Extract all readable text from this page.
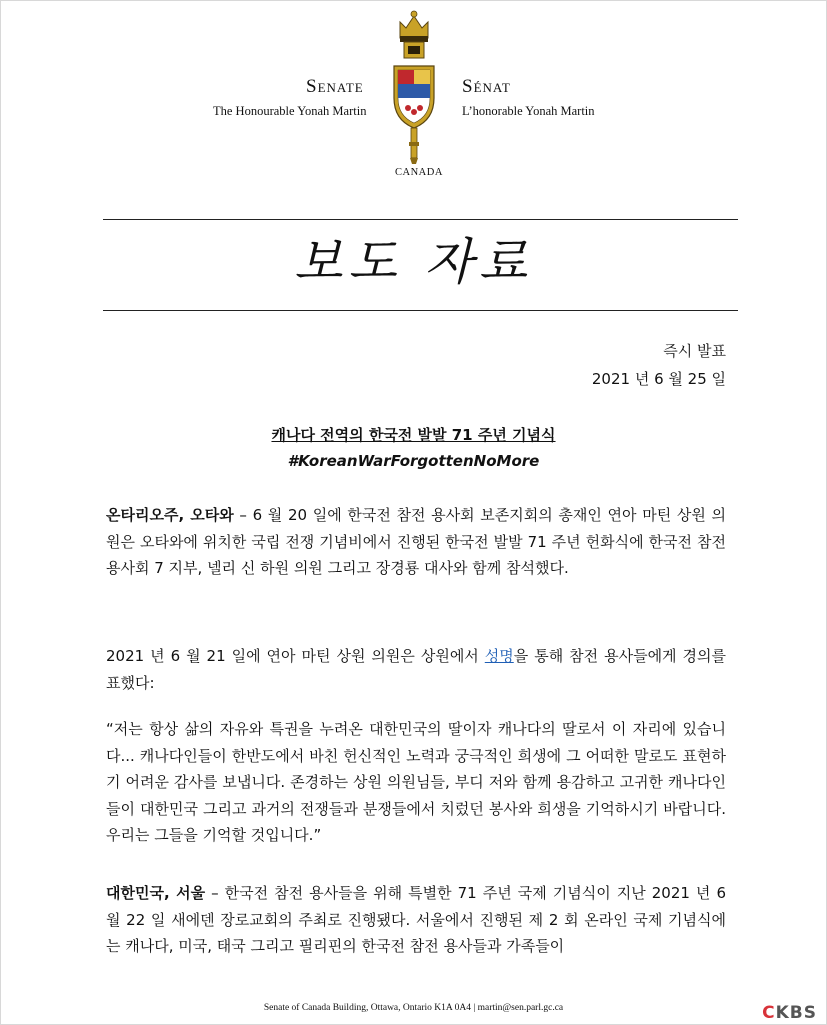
Senate	Sénat
The Honourable Yonah Martin	L’honorable Yonah Martin
CANADA
보도 자료
즉시 발표
2021 년 6 월 25 일
캐나다 전역의 한국전 발발 71 주년 기념식
#KoreanWarForgottenNoMore
온타리오주, 오타와 – 6 월 20 일에 한국전 참전 용사회 보존지회의 총재인 연아 마틴 상원 의원은 오타와에 위치한 국립 전쟁 기념비에서 진행된 한국전 발발 71 주년 헌화식에 한국전 참전 용사회 7 지부, 넬리 신 하원 의원 그리고 장경룡 대사와 함께 참석했다.
2021 년 6 월 21 일에 연아 마틴 상원 의원은 상원에서 성명을 통해 참전 용사들에게 경의를 표했다:
“저는 항상 삶의 자유와 특권을 누려온 대한민국의 딸이자 캐나다의 딸로서 이 자리에 있습니다... 캐나다인들이 한반도에서 바친 헌신적인 노력과 궁극적인 희생에 그 어떠한 말로도 표현하기 어려운 감사를 보냅니다. 존경하는 상원 의원님들, 부디 저와 함께 용감하고 고귀한 캐나다인들이 대한민국 그리고 과거의 전쟁들과 분쟁들에서 치렀던 봉사와 희생을 기억하시기 바랍니다. 우리는 그들을 기억할 것입니다.”
대한민국, 서울 – 한국전 참전 용사들을 위해 특별한 71 주년 국제 기념식이 지난 2021 년 6 월 22 일 새에덴 장로교회의 주최로 진행됐다. 서울에서 진행된 제 2 회 온라인 국제 기념식에는 캐나다, 미국, 태국 그리고 필리핀의 한국전 참전 용사들과 가족들이
Senate of Canada Building, Ottawa, Ontario K1A 0A4 | martin@sen.parl.gc.ca	CKBS
